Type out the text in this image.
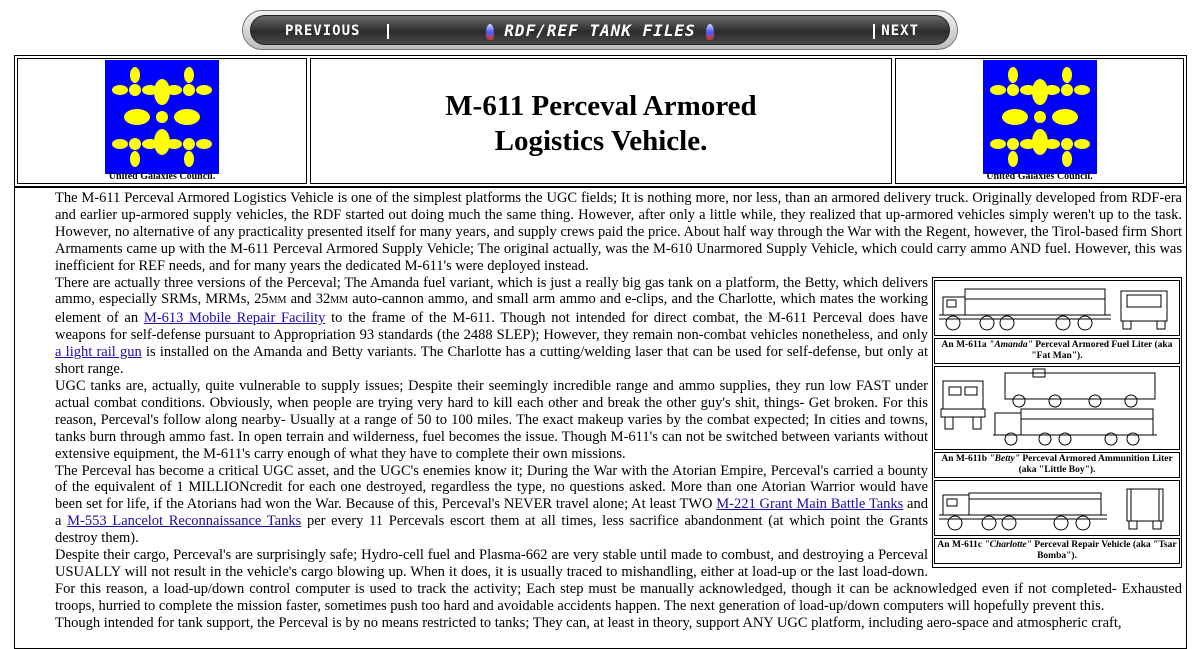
PREVIOUS	RDF/REF TANK FILES	NEXT
United Galaxies Council.
M-611 Perceval Armored
Logistics Vehicle.
United Galaxies Council.

The M-611 Perceval Armored Logistics Vehicle is one of the simplest platforms the UGC fields; It is nothing more, nor less, than an armored delivery truck. Originally developed from RDF-era and earlier up-armored supply vehicles, the RDF started out doing much the same thing. However, after only a little while, they realized that up-armored vehicles simply weren't up to the task. However, no alternative of any practicality presented itself for many years, and supply crews paid the price. About half way through the War with the Regent, however, the Tirol-based firm Short Armaments came up with the M-611 Perceval Armored Supply Vehicle; The original actually, was the M-610 Unarmored Supply Vehicle, which could carry ammo AND fuel. However, this was inefficient for REF needs, and for many years the dedicated M-611's were deployed instead.

An M-611a "Amanda" Perceval Armored Fuel Liter (aka "Fat Man").
An M-611b "Betty" Perceval Armored Ammunition Liter (aka "Little Boy").
An M-611c "Charlotte" Perceval Repair Vehicle (aka "Tsar Bomba").

There are actually three versions of the Perceval; The Amanda fuel variant, which is just a really big gas tank on a platform, the Betty, which delivers ammo, especially SRMs, MRMs, 25MM and 32MM auto-cannon ammo, and small arm ammo and e-clips, and the Charlotte, which mates the working element of an M-613 Mobile Repair Facility to the frame of the M-611. Though not intended for direct combat, the M-611 Perceval does have weapons for self-defense pursuant to Appropriation 93 standards (the 2488 SLEP); However, they remain non-combat vehicles nonetheless, and only a light rail gun is installed on the Amanda and Betty variants. The Charlotte has a cutting/welding laser that can be used for self-defense, but only at short range.

UGC tanks are, actually, quite vulnerable to supply issues; Despite their seemingly incredible range and ammo supplies, they run low FAST under actual combat conditions. Obviously, when people are trying very hard to kill each other and break the other guy's shit, things- Get broken. For this reason, Perceval's follow along nearby- Usually at a range of 50 to 100 miles. The exact makeup varies by the combat expected; In cities and towns, tanks burn through ammo fast. In open terrain and wilderness, fuel becomes the issue. Though M-611's can not be switched between variants without extensive equipment, the M-611's carry enough of what they have to complete their own missions.

The Perceval has become a critical UGC asset, and the UGC's enemies know it; During the War with the Atorian Empire, Perceval's carried a bounty of the equivalent of 1 MILLIONcredit for each one destroyed, regardless the type, no questions asked. More than one Atorian Warrior would have been set for life, if the Atorians had won the War. Because of this, Perceval's NEVER travel alone; At least TWO M-221 Grant Main Battle Tanks and a M-553 Lancelot Reconnaissance Tanks per every 11 Percevals escort them at all times, less sacrifice abandonment (at which point the Grants destroy them).

Despite their cargo, Perceval's are surprisingly safe; Hydro-cell fuel and Plasma-662 are very stable until made to combust, and destroying a Perceval USUALLY will not result in the vehicle's cargo blowing up. When it does, it is usually traced to mishandling, either at load-up or the last load-down. For this reason, a load-up/down control computer is used to track the activity; Each step must be manually acknowledged, though it can be acknowledged even if not completed- Exhausted troops, hurried to complete the mission faster, sometimes push too hard and avoidable accidents happen. The next generation of load-up/down computers will hopefully prevent this.

Though intended for tank support, the Perceval is by no means restricted to tanks; They can, at least in theory, support ANY UGC platform, including aero-space and atmospheric craft,
